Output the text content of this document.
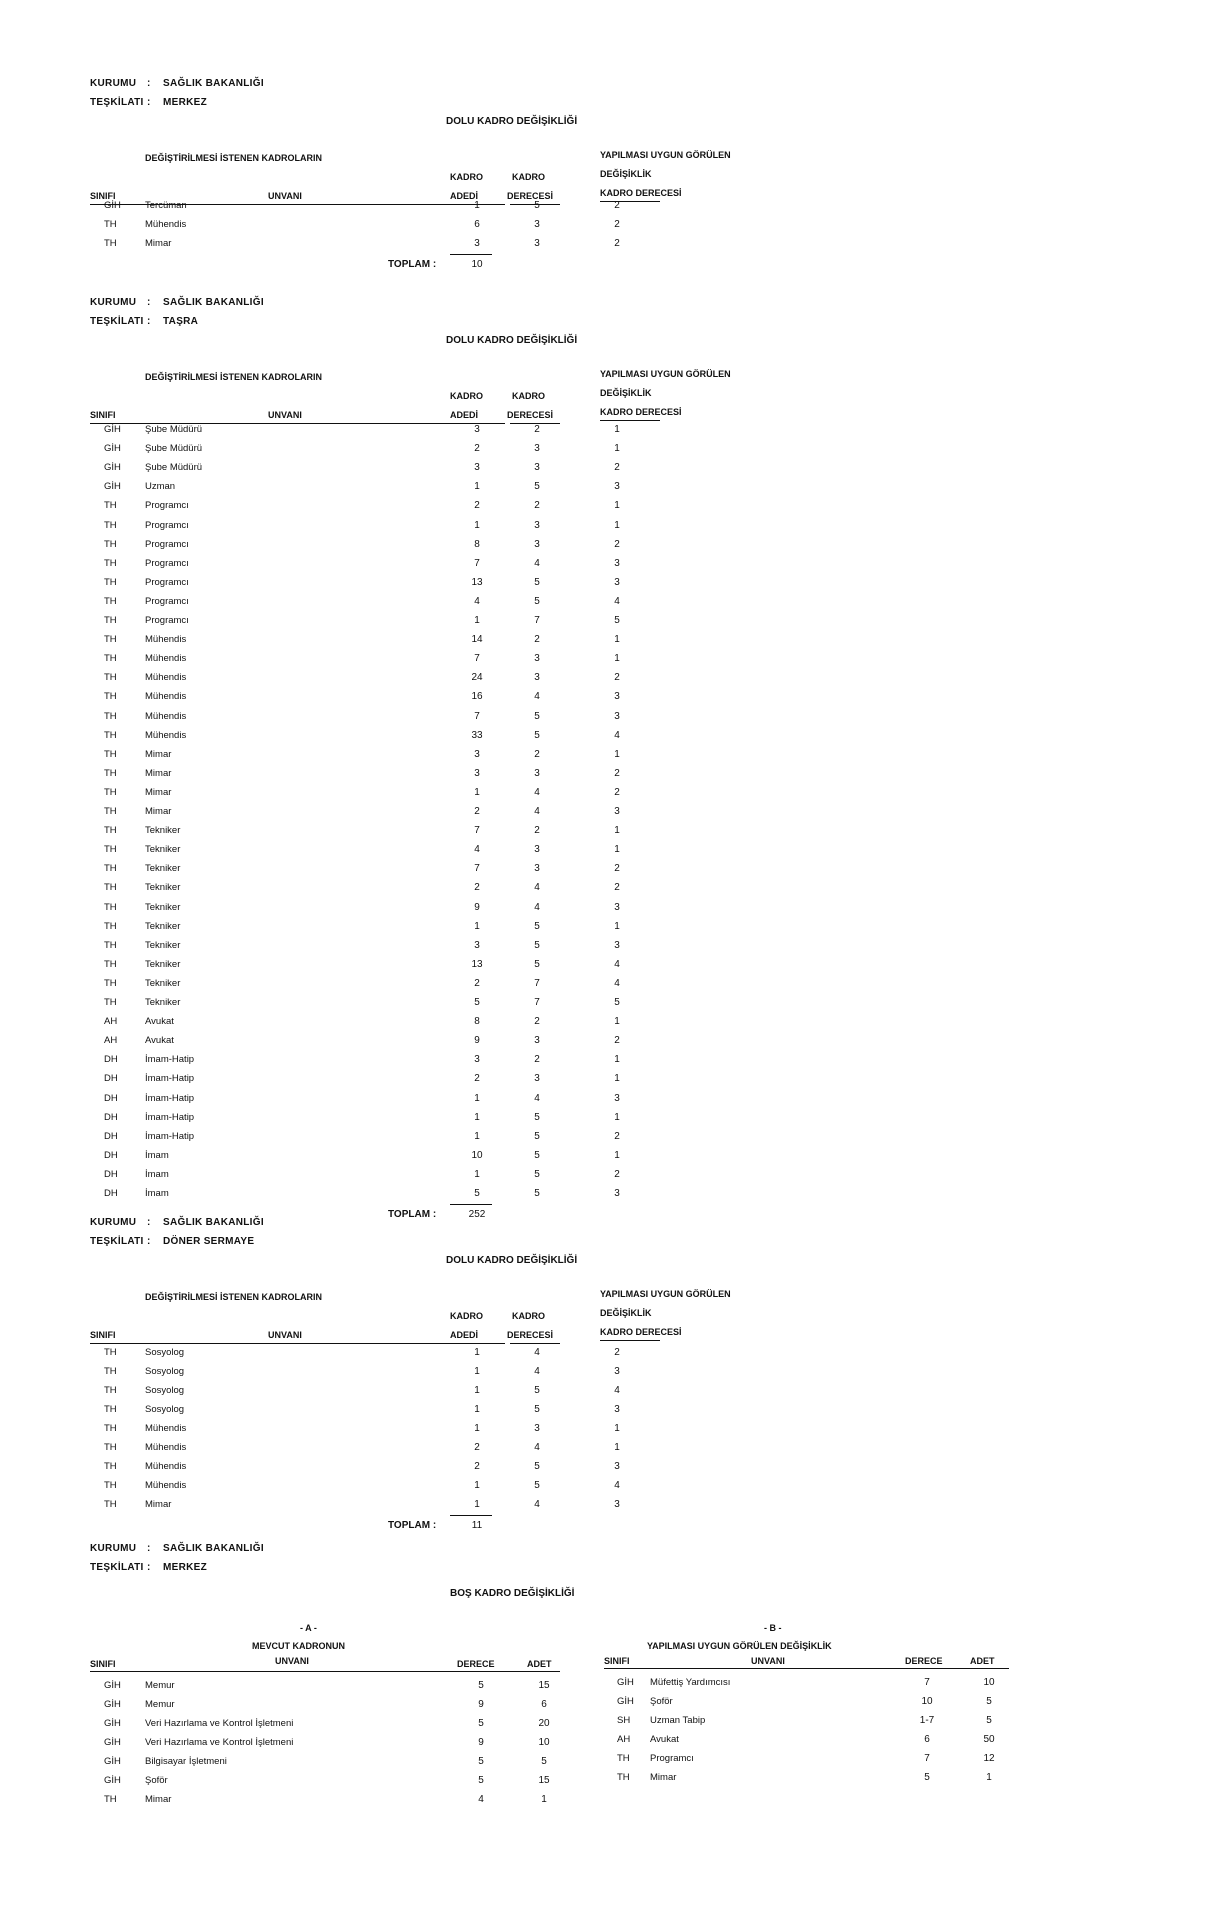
KURUMU : SAĞLIK BAKANLIĞI
TEŞKİLATI : MERKEZ
DOLU KADRO DEĞİŞİKLİĞİ
DEĞİŞTİRİLMESİ İSTENEN KADROLARIN	YAPILMASI UYGUN GÖRÜLEN
DEĞİŞİKLİK
KADRO	KADRO
SINIFI	UNVANI	ADEDİ	DERECESİ	KADRO DERECESİ
GİH	Tercüman	1	5	2
TH	Mühendis	6	3	2
TH	Mimar	3	3	2
TOPLAM :	10
KURUMU : SAĞLIK BAKANLIĞI
TEŞKİLATI : TAŞRA
DOLU KADRO DEĞİŞİKLİĞİ
DEĞİŞTİRİLMESİ İSTENEN KADROLARIN	YAPILMASI UYGUN GÖRÜLEN
DEĞİŞİKLİK
KADRO	KADRO
SINIFI	UNVANI	ADEDİ	DERECESİ	KADRO DERECESİ
GİH	Şube Müdürü	3	2	1
GİH	Şube Müdürü	2	3	1
GİH	Şube Müdürü	3	3	2
GİH	Uzman	1	5	3
TH	Programcı	2	2	1
TH	Programcı	1	3	1
TH	Programcı	8	3	2
TH	Programcı	7	4	3
TH	Programcı	13	5	3
TH	Programcı	4	5	4
TH	Programcı	1	7	5
TH	Mühendis	14	2	1
TH	Mühendis	7	3	1
TH	Mühendis	24	3	2
TH	Mühendis	16	4	3
TH	Mühendis	7	5	3
TH	Mühendis	33	5	4
TH	Mimar	3	2	1
TH	Mimar	3	3	2
TH	Mimar	1	4	2
TH	Mimar	2	4	3
TH	Tekniker	7	2	1
TH	Tekniker	4	3	1
TH	Tekniker	7	3	2
TH	Tekniker	2	4	2
TH	Tekniker	9	4	3
TH	Tekniker	1	5	1
TH	Tekniker	3	5	3
TH	Tekniker	13	5	4
TH	Tekniker	2	7	4
TH	Tekniker	5	7	5
AH	Avukat	8	2	1
AH	Avukat	9	3	2
DH	İmam-Hatip	3	2	1
DH	İmam-Hatip	2	3	1
DH	İmam-Hatip	1	4	3
DH	İmam-Hatip	1	5	1
DH	İmam-Hatip	1	5	2
DH	İmam	10	5	1
DH	İmam	1	5	2
DH	İmam	5	5	3
TOPLAM :	252
KURUMU : SAĞLIK BAKANLIĞI
TEŞKİLATI : DÖNER SERMAYE
DOLU KADRO DEĞİŞİKLİĞİ
DEĞİŞTİRİLMESİ İSTENEN KADROLARIN	YAPILMASI UYGUN GÖRÜLEN
DEĞİŞİKLİK
KADRO	KADRO
SINIFI	UNVANI	ADEDİ	DERECESİ	KADRO DERECESİ
TH	Sosyolog	1	4	2
TH	Sosyolog	1	4	3
TH	Sosyolog	1	5	4
TH	Sosyolog	1	5	3
TH	Mühendis	1	3	1
TH	Mühendis	2	4	1
TH	Mühendis	2	5	3
TH	Mühendis	1	5	4
TH	Mimar	1	4	3
TOPLAM :	11
KURUMU : SAĞLIK BAKANLIĞI
TEŞKİLATI : MERKEZ
BOŞ KADRO DEĞİŞİKLİĞİ
- A -
MEVCUT KADRONUN
UNVANI
SINIFI	DERECE	ADET
- B -
YAPILMASI UYGUN GÖRÜLEN DEĞİŞİKLİK
SINIFI	UNVANI	DERECE	ADET
GİH	Memur	5	15
GİH	Memur	9	6
GİH	Veri Hazırlama ve Kontrol İşletmeni	5	20
GİH	Veri Hazırlama ve Kontrol İşletmeni	9	10
GİH	Bilgisayar İşletmeni	5	5
GİH	Şoför	5	15
TH	Mimar	4	1
GİH Müfettiş Yardımcısı	7	10
GİH Şoför	10	5
SH Uzman Tabip	1-7	5
AH Avukat	6	50
TH Programcı	7	12
TH Mimar	5	1
